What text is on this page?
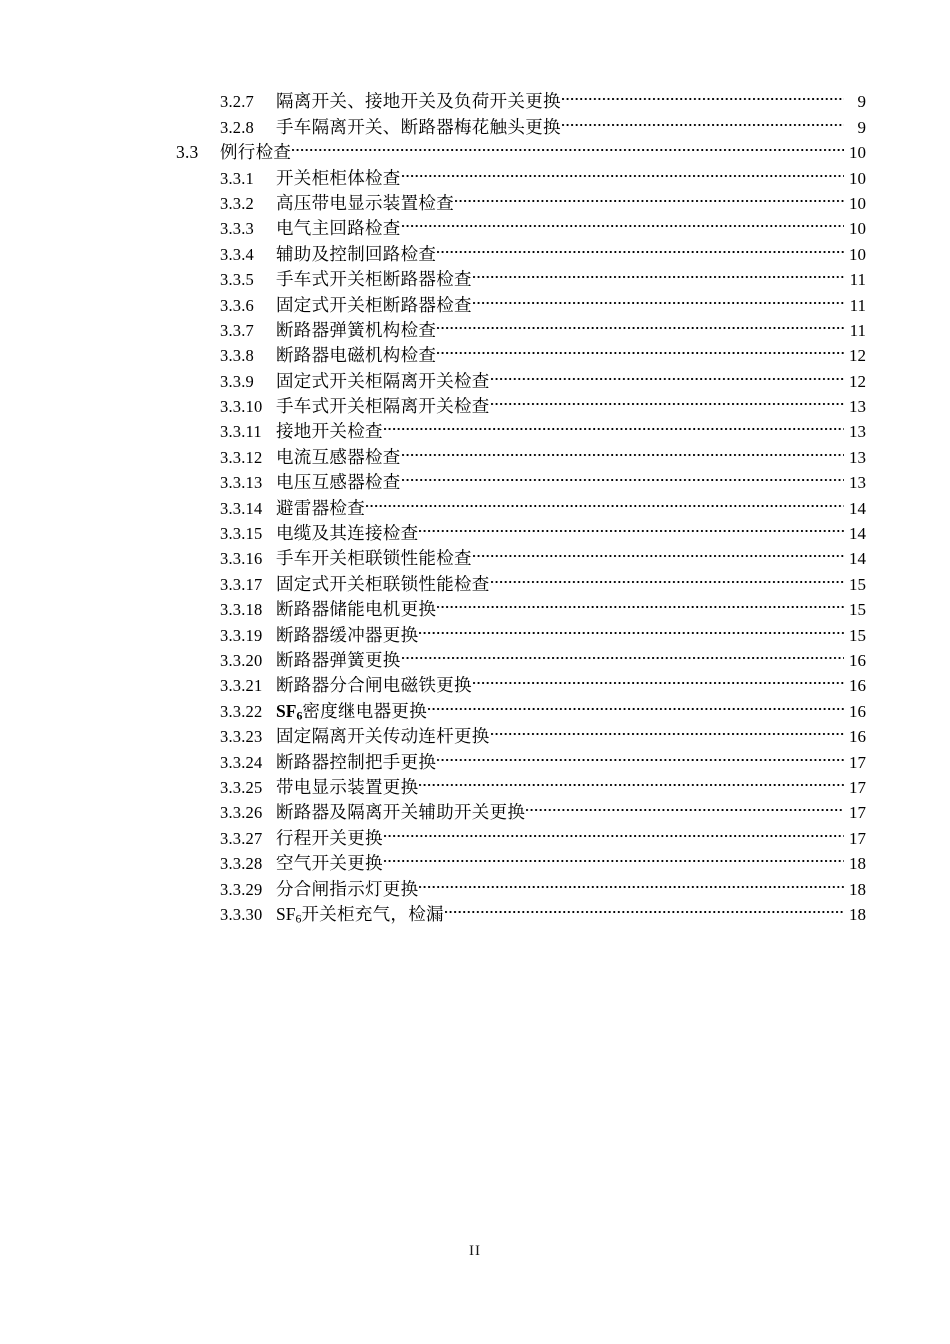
3.2.7	隔离开关、接地开关及负荷开关更换	9
3.2.8	手车隔离开关、断路器梅花触头更换	9
3.3	例行检查	10
3.3.1	开关柜柜体检查	10
3.3.2	高压带电显示装置检查	10
3.3.3	电气主回路检查	10
3.3.4	辅助及控制回路检查	10
3.3.5	手车式开关柜断路器检查	11
3.3.6	固定式开关柜断路器检查	11
3.3.7	断路器弹簧机构检查	11
3.3.8	断路器电磁机构检查	12
3.3.9	固定式开关柜隔离开关检查	12
3.3.10 手车式开关柜隔离开关检查	13
3.3.11 接地开关检查	13
3.3.12 电流互感器检查	13
3.3.13 电压互感器检查	13
3.3.14 避雷器检查	14
3.3.15 电缆及其连接检查	14
3.3.16 手车开关柜联锁性能检查	14
3.3.17 固定式开关柜联锁性能检查	15
3.3.18 断路器储能电机更换	15
3.3.19 断路器缓冲器更换	15
3.3.20 断路器弹簧更换	16
3.3.21 断路器分合闸电磁铁更换	16
3.3.22 $SF_6$密度继电器更换	16
3.3.23 固定隔离开关传动连杆更换	16
3.3.24 断路器控制把手更换	17
3.3.25 带电显示装置更换	17
3.3.26 断路器及隔离开关辅助开关更换	17
3.3.27 行程开关更换	17
3.3.28 空气开关更换	18
3.3.29 分合闸指示灯更换	18
3.3.30 $SF_6$开关柜充气，检漏	18
II
